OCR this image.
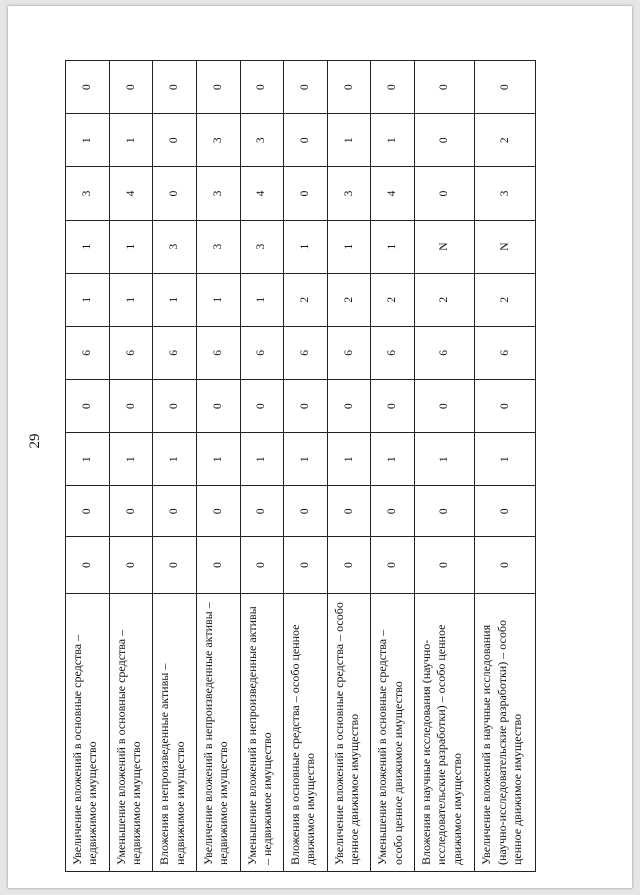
29
Увеличение вложений в основные средства – недвижимое имущество	0	0	1	0	6	1	1	3	1	0
Уменьшение вложений в основные средства – недвижимое имущество	0	0	1	0	6	1	1	4	1	0
Вложения в непроизведенные активы – недвижимое имущество	0	0	1	0	6	1	3	0	0	0
Увеличение вложений в непроизведенные активы – недвижимое имущество	0	0	1	0	6	1	3	3	3	0
Уменьшение вложений в непроизведенные активы – недвижимое имущество	0	0	1	0	6	1	3	4	3	0
Вложения в основные средства – особо ценное движимое имущество	0	0	1	0	6	2	1	0	0	0
Увеличение вложений в основные средства – особо ценное движимое имущество	0	0	1	0	6	2	1	3	1	0
Уменьшение вложений в основные средства – особо ценное движимое имущество	0	0	1	0	6	2	1	4	1	0
Вложения в научные исследования (научно-исследовательские разработки) – особо ценное движимое имущество	0	0	1	0	6	2	N	0	0	0
Увеличение вложений в научные исследования (научно-исследовательские разработки) – особо ценное движимое имущество	0	0	1	0	6	2	N	3	2	0
